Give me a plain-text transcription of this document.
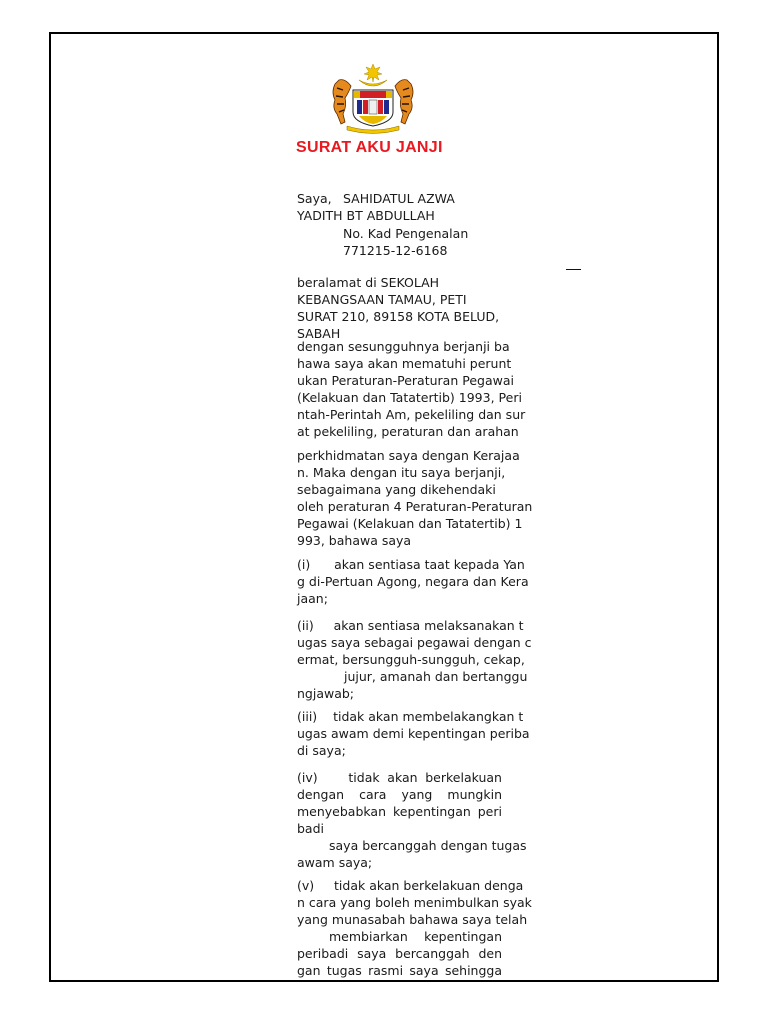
SURAT AKU JANJI
Saya, SAHIDATUL AZWA
YADITH BT ABDULLAH
No. Kad Pengenalan
771215-12-6168
beralamat di SEKOLAH
KEBANGSAAN TAMAU, PETI
SURAT 210, 89158 KOTA BELUD,
SABAH
dengan sesungguhnya berjanji ba
hawa saya akan mematuhi perunt
ukan Peraturan-Peraturan Pegawai
(Kelakuan dan Tatatertib) 1993, Peri
ntah-Perintah Am, pekeliling dan sur
at pekeliling, peraturan dan arahan
perkhidmatan saya dengan Kerajaa
n. Maka dengan itu saya berjanji,
sebagaimana yang dikehendaki
oleh peraturan 4 Peraturan-Peraturan
Pegawai (Kelakuan dan Tatatertib) 1
993, bahawa saya
(i)      akan sentiasa taat kepada Yan
g di-Pertuan Agong, negara dan Kera
jaan;
(ii)     akan sentiasa melaksanakan t
ugas saya sebagai pegawai dengan c
ermat, bersungguh-sungguh, cekap,
jujur, amanah dan bertanggu
ngjawab;
(iii)    tidak akan membelakangkan t
ugas awam demi kepentingan periba
di saya;
(iv)    tidak akan berkelakuan
dengan cara yang mungkin
menyebabkan kepentingan peri
badi
saya bercanggah dengan tugas
awam saya;
(v)     tidak akan berkelakuan denga
n cara yang boleh menimbulkan syak
yang munasabah bahawa saya telah
membiarkan kepentingan
peribadi saya bercanggah den
gan tugas rasmi saya sehingga
